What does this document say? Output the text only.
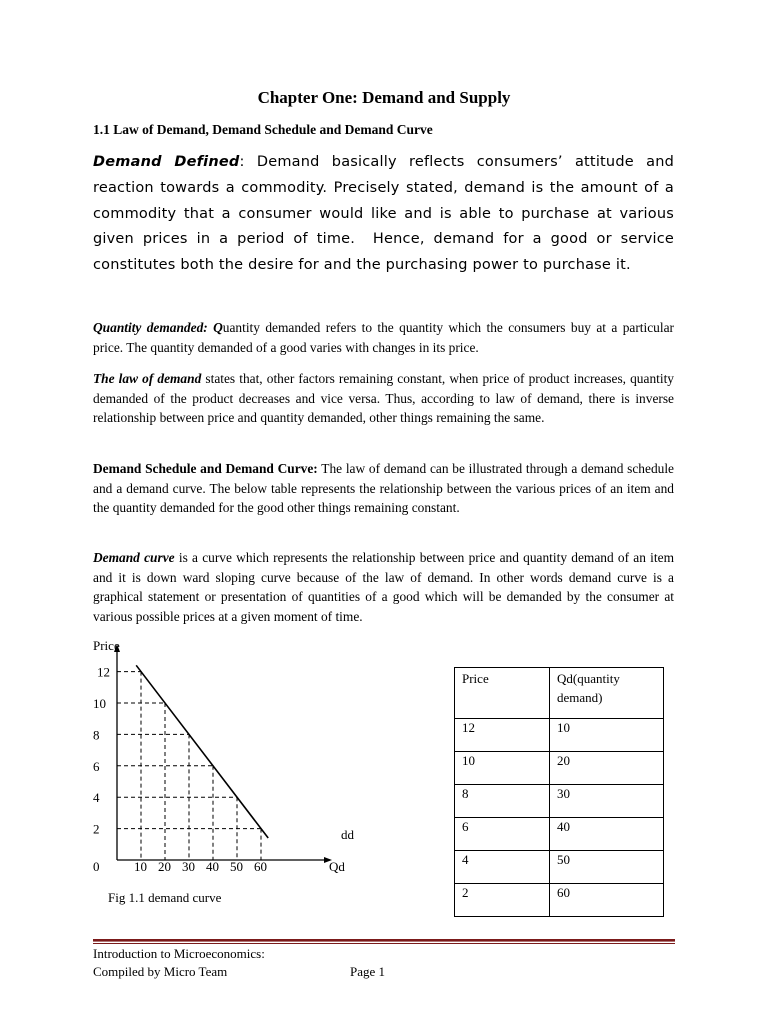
Chapter One: Demand and Supply
1.1 Law of Demand, Demand Schedule and Demand Curve
Demand Defined: Demand basically reflects consumers’ attitude and reaction towards a commodity. Precisely stated, demand is the amount of a commodity that a consumer would like and is able to purchase at various given prices in a period of time.  Hence, demand for a good or service constitutes both the desire for and the purchasing power to purchase it.
Quantity demanded: Quantity demanded refers to the quantity which the consumers buy at a particular price. The quantity demanded of a good varies with changes in its price.
The law of demand states that, other factors remaining constant, when price of product increases, quantity demanded of the product decreases and vice versa. Thus, according to law of demand, there is inverse relationship between price and quantity demanded, other things remaining the same.
Demand Schedule and Demand Curve: The law of demand can be illustrated through a demand schedule and a demand curve. The below table represents the relationship between the various prices of an item and the quantity demanded for the good other things remaining constant.
Demand curve is a curve which represents the relationship between price and quantity demand of an item and it is down ward sloping curve because of the law of demand. In other words demand curve is a graphical statement or presentation of quantities of a good which will be demanded by the consumer at various possible prices at a given moment of time.
2
4
6
8
10
12
0	10 20 30 40 50 60
Price
Qd
dd
Fig 1.1 demand curve
Price	Qd(quantity demand)
12	10
10	20
8	30
6	40
4	50
2	60
Introduction to Microeconomics:
Compiled by Micro Team	Page 1
